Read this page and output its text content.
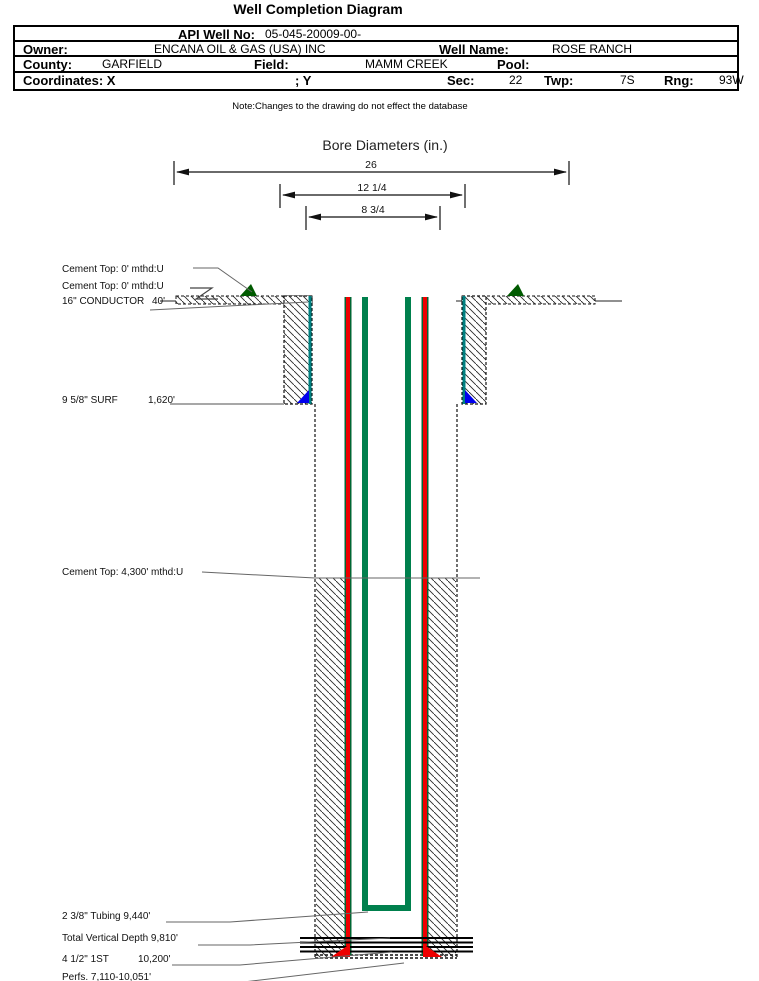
Well Completion Diagram
API Well No: 05-045-20009-00-
Owner:	ENCANA OIL & GAS (USA) INC	Well Name:	ROSE RANCH
County: GARFIELD	Field:	MAMM CREEK	Pool:
Coordinates: X	; Y	Sec:	22 Twp:	7S Rng: 93W
Note:Changes to the drawing do not effect the database
Bore Diameters (in.)
26
12 1/4
8 3/4
Cement Top: 0' mthd:U
Cement Top: 0' mthd:U
16" CONDUCTOR 40'
9 5/8" SURF	1,620'
Cement Top: 4,300' mthd:U
2 3/8" Tubing 9,440'
Total Vertical Depth 9,810'
4 1/2" 1ST	10,200'
Perfs. 7,110-10,051'
